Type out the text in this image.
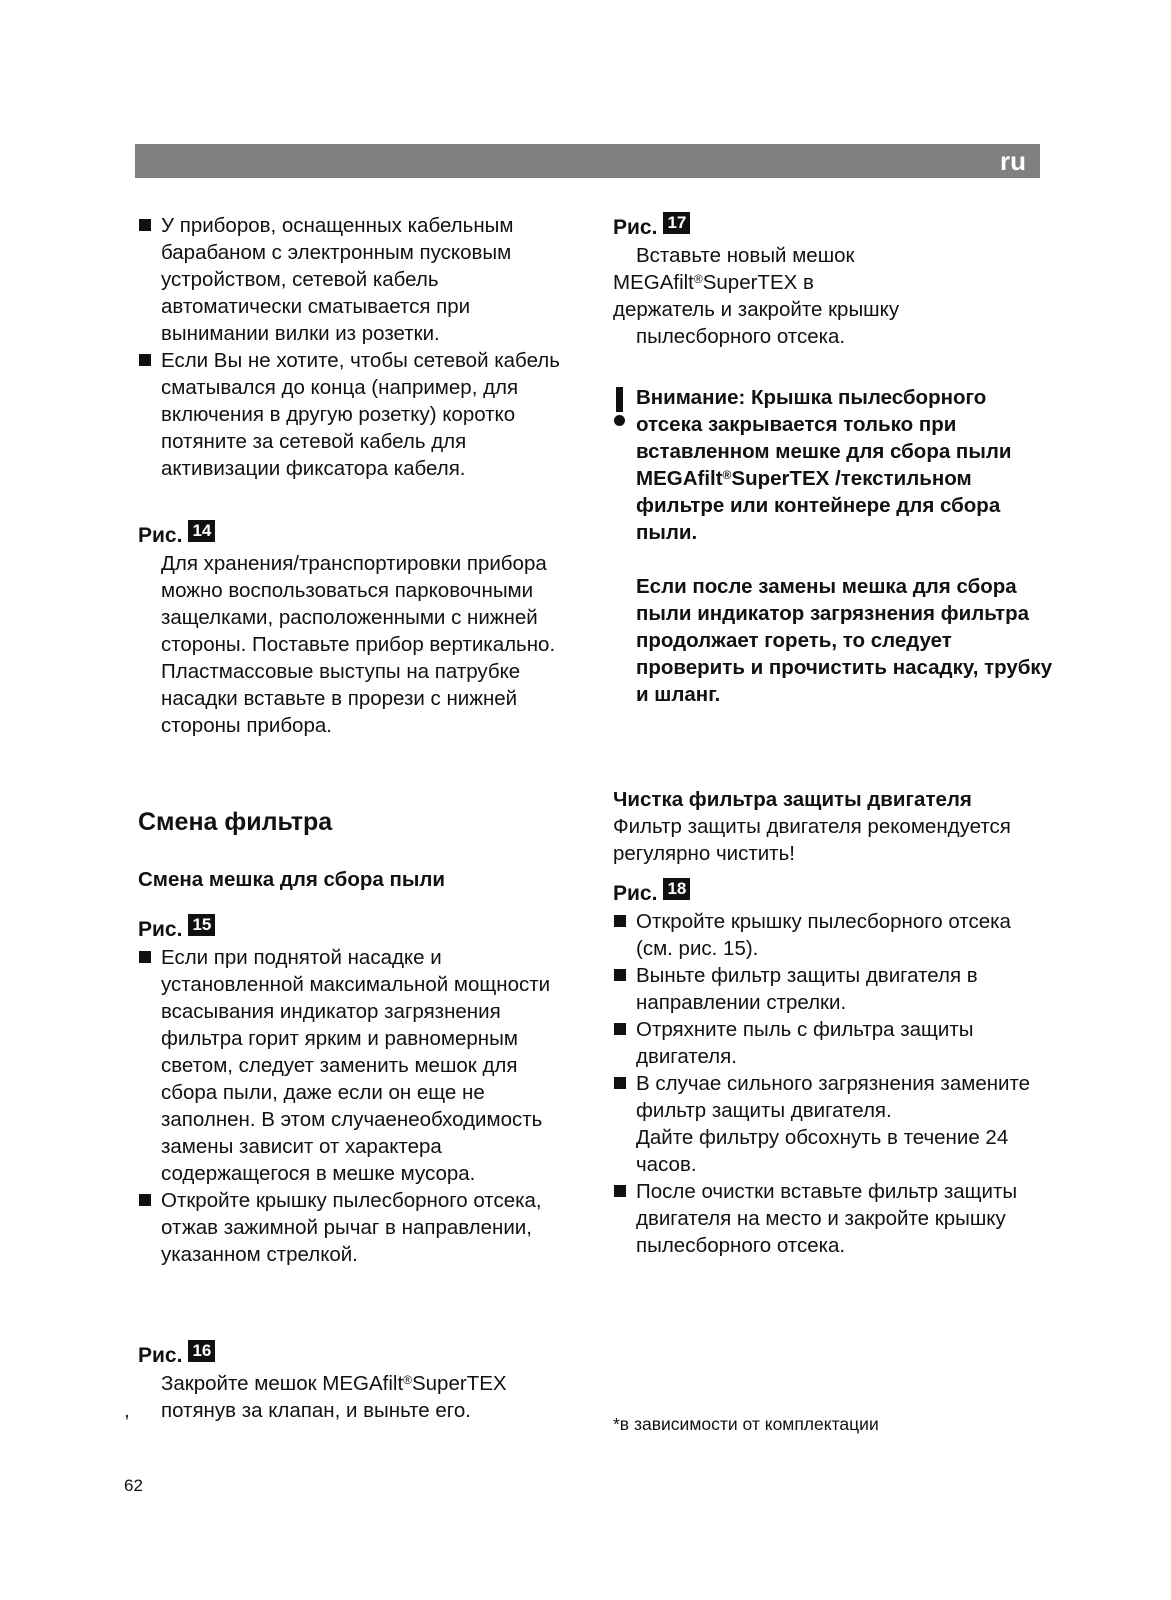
ru
У приборов, оснащенных кабельным барабаном с электронным пусковым устройством, сетевой кабель автоматически сматывается при вынимании вилки из розетки.
Если Вы не хотите, чтобы сетевой кабель сматывался до конца (например, для включения в другую розетку) коротко потяните за сетевой кабель для активизации фиксатора кабеля.
Рис. 14
Для хранения/транспортировки прибора можно воспользоваться парковочными защелками, расположенными с нижней стороны. Поставьте прибор вертикально. Пластмассовые выступы на патрубке насадки вставьте в прорези с нижней стороны прибора.
Смена фильтра
Смена мешка для сбора пыли
Рис. 15
Если при поднятой насадке и установленной максимальной мощности всасывания индикатор загрязнения фильтра горит ярким и равномерным светом, следует заменить мешок для
сбора пыли, даже если он еще не заполнен. В этом случаенеобходимость замены зависит от характера содержащегося в мешке мусора.
Откройте крышку пылесборного отсека, отжав зажимной рычаг в направлении, указанном стрелкой.
Рис. 16
Закройте мешок MEGAfilt®SuperTEX
, потянув за клапан, и выньте его.
Рис. 17
Вставьте новый мешок
MEGAfilt®SuperTEX в
держатель и закройте крышку
пылесборного отсека.
Внимание: Крышка пылесборного отсека закрывается только при вставленном мешке для сбора пыли MEGAfilt®SuperTEX /текстильном фильтре или контейнере для сбора пыли.
Если после замены мешка для сбора пыли индикатор загрязнения фильтра продолжает гореть, то следует проверить и прочистить насадку, трубку и шланг.
Чистка фильтра защиты двигателя
Фильтр защиты двигателя рекомендуется регулярно чистить!
Рис. 18
Откройте крышку пылесборного отсека (см. рис. 15).
Выньте фильтр защиты двигателя в направлении стрелки.
Отряхните пыль с фильтра защиты двигателя.
В случае сильного загрязнения замените фильтр защиты двигателя.
Дайте фильтру обсохнуть в течение 24 часов.
После очистки вставьте фильтр защиты двигателя на место и закройте крышку пылесборного отсека.
*в зависимости от комплектации
62
